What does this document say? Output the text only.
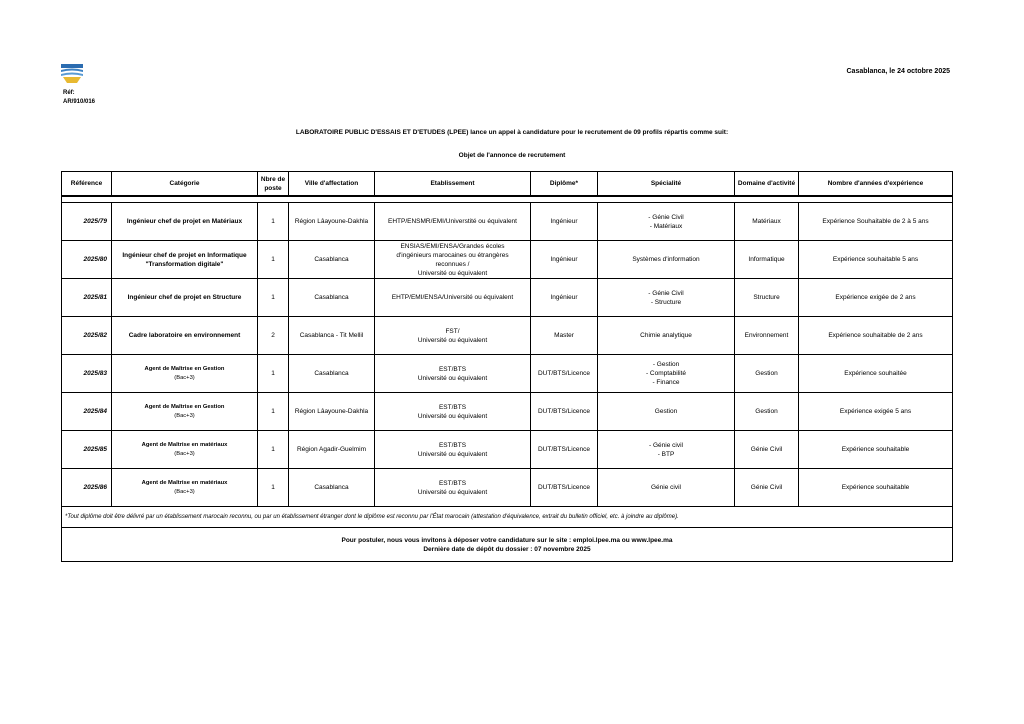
Réf:
AR/910/016
Casablanca, le 24 octobre 2025
LABORATOIRE PUBLIC D'ESSAIS ET D'ETUDES (LPEE) lance un appel à candidature pour le recrutement de 09 profils répartis comme suit:
Objet de l'annonce de recrutement
Référence	Catégorie	Nbre de poste	Ville d'affectation	Etablissement	Diplôme*	Spécialité	Domaine d'activité	Nombre d'années d'expérience

2025/79	Ingénieur chef de projet en Matériaux	1	Région Lâayoune-Dakhla	EHTP/ENSMR/EMI/Universtité ou équivalent	Ingénieur	- Génie Civil
- Matériaux	Matériaux	Expérience Souhaitable de 2 à 5 ans
2025/80	Ingénieur chef de projet en Informatique "Transformation digitale"	1	Casablanca	ENSIAS/EMI/ENSA/Grandes écoles
d'ingénieurs marocaines ou étrangères
reconnues /
Université ou équivalent	Ingénieur	Systèmes d'information	Informatique	Expérience souhaitable 5 ans
2025/81	Ingénieur chef de projet en Structure	1	Casablanca	EHTP/EMI/ENSA/Université ou équivalent	Ingénieur	- Génie Civil
- Structure	Structure	Expérience exigée de 2 ans
2025/82	Cadre laboratoire en environnement	2	Casablanca - Tit Mellil	FST/
Université ou équivalent	Master	Chimie analytique	Environnement	Expérience souhaitable de 2 ans
2025/83	Agent de Maîtrise en Gestion
(Bac+3)	1	Casablanca	EST/BTS
Université ou équivalent	DUT/BTS/Licence	- Gestion
- Comptabilité
- Finance	Gestion	Expérience souhaitée
2025/84	Agent de Maîtrise en Gestion
(Bac+3)	1	Région Lâayoune-Dakhla	EST/BTS
Université ou équivalent	DUT/BTS/Licence	Gestion	Gestion	Expérience exigée 5 ans
2025/85	Agent de Maîtrise en matériaux
(Bac+3)	1	Région Agadir-Guelmim	EST/BTS
Université ou équivalent	DUT/BTS/Licence	- Génie civil
- BTP	Génie Civil	Expérience souhaitable
2025/86	Agent de Maîtrise en matériaux
(Bac+3)	1	Casablanca	EST/BTS
Université ou équivalent	DUT/BTS/Licence	Génie civil	Génie Civil	Expérience souhaitable
*Tout diplôme doit être délivré par un établissement marocain reconnu, ou par un établissement étranger dont le diplôme est reconnu par l'État marocain (attestation d'équivalence, extrait du bulletin officiel, etc. à joindre au diplôme).								

Pour postuler, nous vous invitons à déposer votre candidature sur le site : emploi.lpee.ma ou www.lpee.ma
Dernière date de dépôt du dossier : 07 novembre 2025								
